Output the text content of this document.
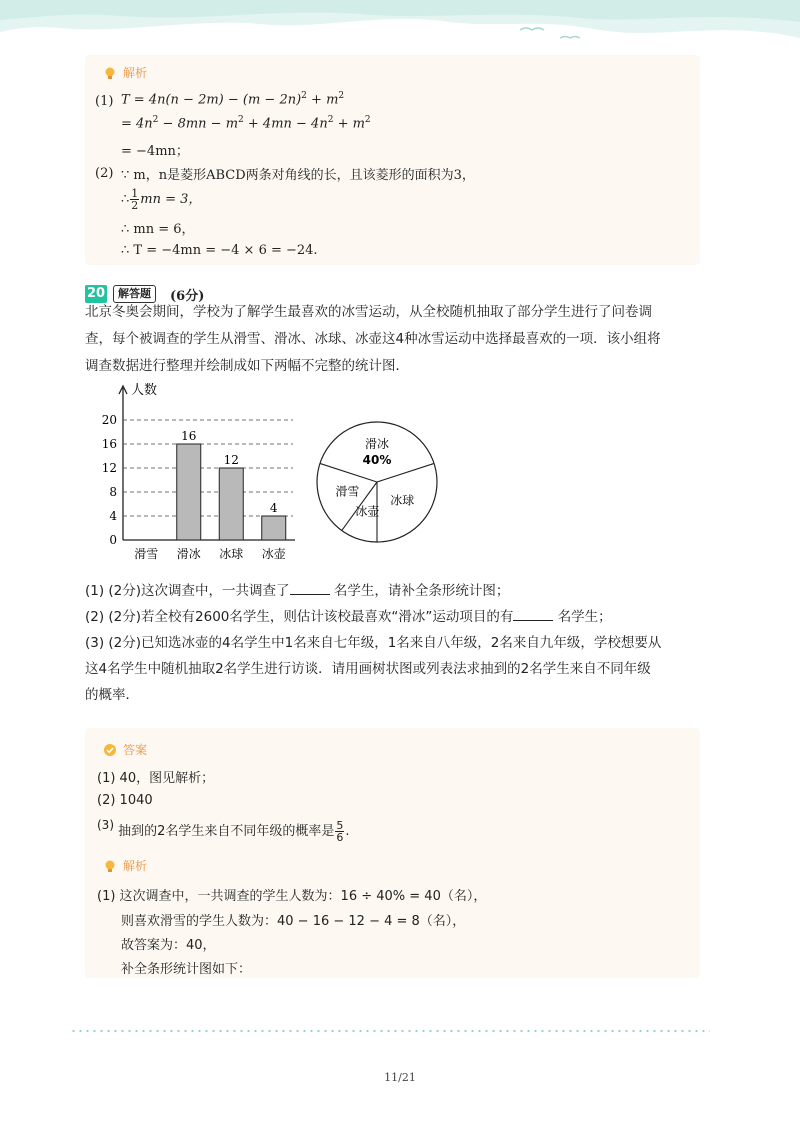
解析
(1) $T = 4n(n - 2m) - (m - 2n)^2 + m^2$
= $4n^2 - 8mn - m^2 + 4mn - 4n^2 + m^2$
= −4mn；
(2) ∵ m，n是菱形ABCD两条对角线的长，且该菱形的面积为3，
∴ $\frac{1}{2}$ mn = 3，
∴ mn = 6，
∴ T = −4mn = −4 × 6 = −24.
20	解答题	(6分)
北京冬奥会期间，学校为了解学生最喜欢的冰雪运动，从全校随机抽取了部分学生进行了问卷调
查，每个被调查的学生从滑雪、滑冰、冰球、冰壶这4种冰雪运动中选择最喜欢的一项．该小组将
调查数据进行整理并绘制成如下两幅不完整的统计图．
人数
0
4
8
12
16
20
滑雪 滑冰
16
冰球
12
冰壶
4
滑冰
40%
冰球
冰壶
滑雪
(1) (2分)这次调查中，一共调查了	名学生，请补全条形统计图；
(2) (2分)若全校有2600名学生，则估计该校最喜欢“滑冰”运动项目的有	名学生；
(3) (2分)已知选冰壶的4名学生中1名来自七年级，1名来自八年级，2名来自九年级，学校想要从
这4名学生中随机抽取2名学生进行访谈．请用画树状图或列表法求抽到的2名学生来自不同年级
的概率．
答案
解析
(1) 40，图见解析；
(2) 1040
(3) 抽到的2名学生来自不同年级的概率是 $\frac{5}{6}$ .
(1) 这次调查中，一共调查的学生人数为：16 ÷ 40% = 40（名），
则喜欢滑雪的学生人数为：40 − 16 − 12 − 4 = 8（名），
故答案为：40，
补全条形统计图如下：
11/21
